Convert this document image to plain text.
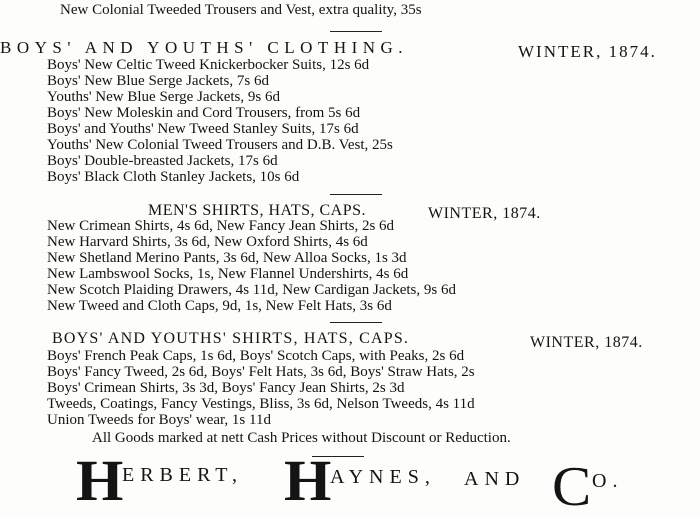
New Colonial Tweeded Trousers and Vest, extra quality, 35s
BOYS' AND YOUTHS' CLOTHING.	WINTER, 1874.
Boys' New Celtic Tweed Knickerbocker Suits, 12s 6d
Boys' New Blue Serge Jackets, 7s 6d
Youths' New Blue Serge Jackets, 9s 6d
Boys' New Moleskin and Cord Trousers, from 5s 6d
Boys' and Youths' New Tweed Stanley Suits, 17s 6d
Youths' New Colonial Tweed Trousers and D.B. Vest, 25s
Boys' Double-breasted Jackets, 17s 6d
Boys' Black Cloth Stanley Jackets, 10s 6d
MEN'S SHIRTS, HATS, CAPS.	WINTER, 1874.
New Crimean Shirts, 4s 6d, New Fancy Jean Shirts, 2s 6d
New Harvard Shirts, 3s 6d, New Oxford Shirts, 4s 6d
New Shetland Merino Pants, 3s 6d, New Alloa Socks, 1s 3d
New Lambswool Socks, 1s, New Flannel Undershirts, 4s 6d
New Scotch Plaiding Drawers, 4s 11d, New Cardigan Jackets, 9s 6d
New Tweed and Cloth Caps, 9d, 1s, New Felt Hats, 3s 6d
BOYS' AND YOUTHS' SHIRTS, HATS, CAPS.	WINTER, 1874.
Boys' French Peak Caps, 1s 6d, Boys' Scotch Caps, with Peaks, 2s 6d
Boys' Fancy Tweed, 2s 6d, Boys' Felt Hats, 3s 6d, Boys' Straw Hats, 2s
Boys' Crimean Shirts, 3s 3d, Boys' Fancy Jean Shirts, 2s 3d
Tweeds, Coatings, Fancy Vestings, Bliss, 3s 6d, Nelson Tweeds, 4s 11d
Union Tweeds for Boys' wear, 1s 11d
All Goods marked at nett Cash Prices without Discount or Reduction.
H
ERBERT, H
AYNES, AND C O.
